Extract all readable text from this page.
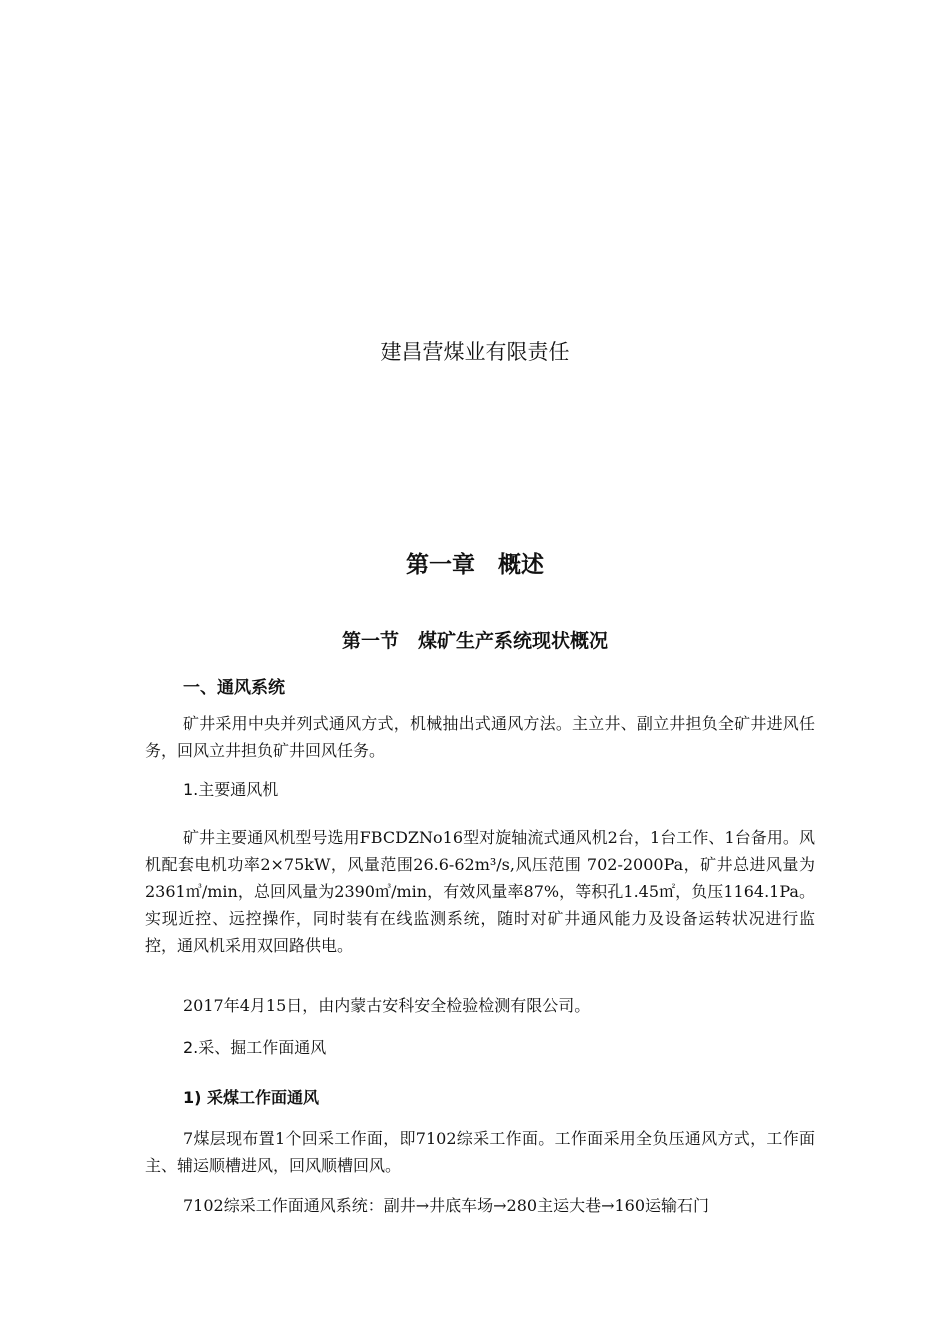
建昌营煤业有限责任
第一章　概述
第一节　煤矿生产系统现状概况
一、通风系统
矿井采用中央并列式通风方式，机械抽出式通风方法。主立井、副立井担负全矿井进风任务，回风立井担负矿井回风任务。
1.主要通风机
矿井主要通风机型号选用FBCDZNo16型对旋轴流式通风机2台，1台工作、1台备用。风机配套电机功率2×75kW，风量范围26.6-62m³/s,风压范围 702-2000Pa，矿井总进风量为2361㎥/min，总回风量为2390㎥/min，有效风量率87%，等积孔1.45㎡，负压1164.1Pa。实现近控、远控操作，同时装有在线监测系统，随时对矿井通风能力及设备运转状况进行监控，通风机采用双回路供电。
2017年4月15日，由内蒙古安科安全检验检测有限公司。
2.采、掘工作面通风
1) 采煤工作面通风
7煤层现布置1个回采工作面，即7102综采工作面。工作面采用全负压通风方式，工作面主、辅运顺槽进风，回风顺槽回风。
7102综采工作面通风系统：副井→井底车场→280主运大巷→160运输石门
